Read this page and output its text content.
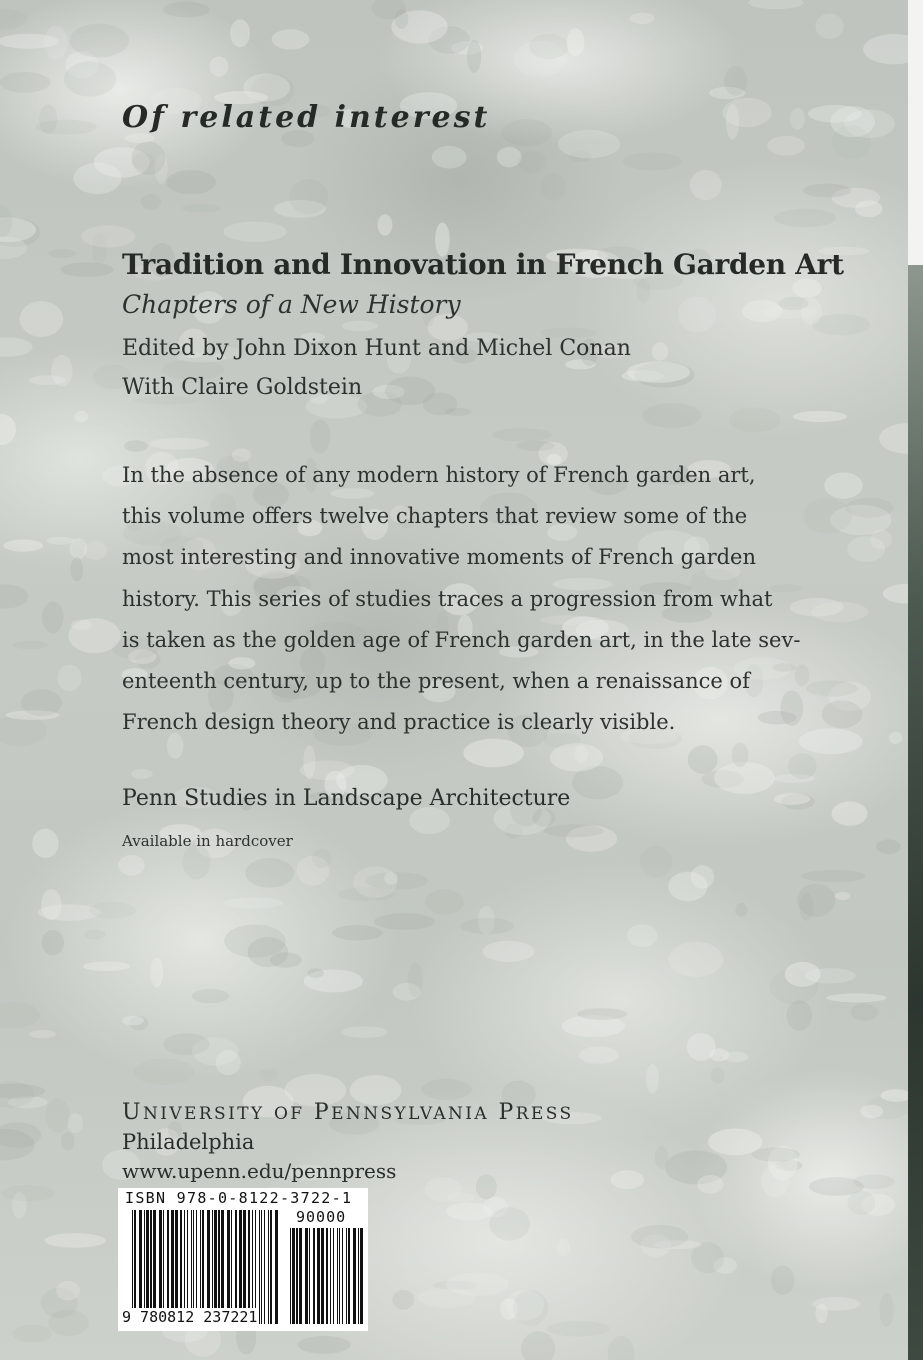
Of related interest
Tradition and Innovation in French Garden Art
Chapters of a New History
Edited by John Dixon Hunt and Michel Conan
With Claire Goldstein

In the absence of any modern history of French garden art,
this volume offers twelve chapters that review some of the
most interesting and innovative moments of French garden
history. This series of studies traces a progression from what
is taken as the golden age of French garden art, in the late sev-
enteenth century, up to the present, when a renaissance of
French design theory and practice is clearly visible.

Penn Studies in Landscape Architecture
Available in hardcover
UNIVERSITY OF PENNSYLVANIA PRESS
Philadelphia
www.upenn.edu/pennpress
ISBN 978-0-8122-3722-1
90000
9 780812 237221
